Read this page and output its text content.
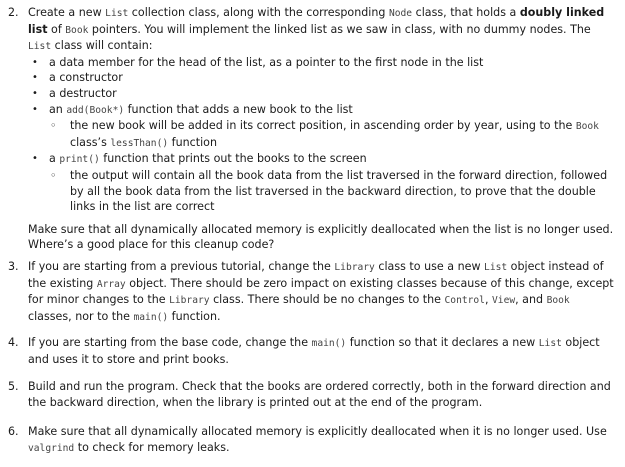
2. Create a new List collection class, along with the corresponding Node class, that holds a doubly linked list of Book pointers. You will implement the linked list as we saw in class, with no dummy nodes. The List class will contain:

• a data member for the head of the list, as a pointer to the first node in the list
• a constructor
• a destructor
• an add(Book*) function that adds a new book to the list
◦ the new book will be added in its correct position, in ascending order by year, using to the Book class’s lessThan() function
• a print() function that prints out the books to the screen
◦ the output will contain all the book data from the list traversed in the forward direction, followed by all the book data from the list traversed in the backward direction, to prove that the double links in the list are correct

Make sure that all dynamically allocated memory is explicitly deallocated when the list is no longer used. Where’s a good place for this cleanup code?

3. If you are starting from a previous tutorial, change the Library class to use a new List object instead of the existing Array object. There should be zero impact on existing classes because of this change, except for minor changes to the Library class. There should be no changes to the Control, View, and Book classes, nor to the main() function.

4. If you are starting from the base code, change the main() function so that it declares a new List object and uses it to store and print books.

5. Build and run the program. Check that the books are ordered correctly, both in the forward direction and the backward direction, when the library is printed out at the end of the program.

6. Make sure that all dynamically allocated memory is explicitly deallocated when it is no longer used. Use valgrind to check for memory leaks.
